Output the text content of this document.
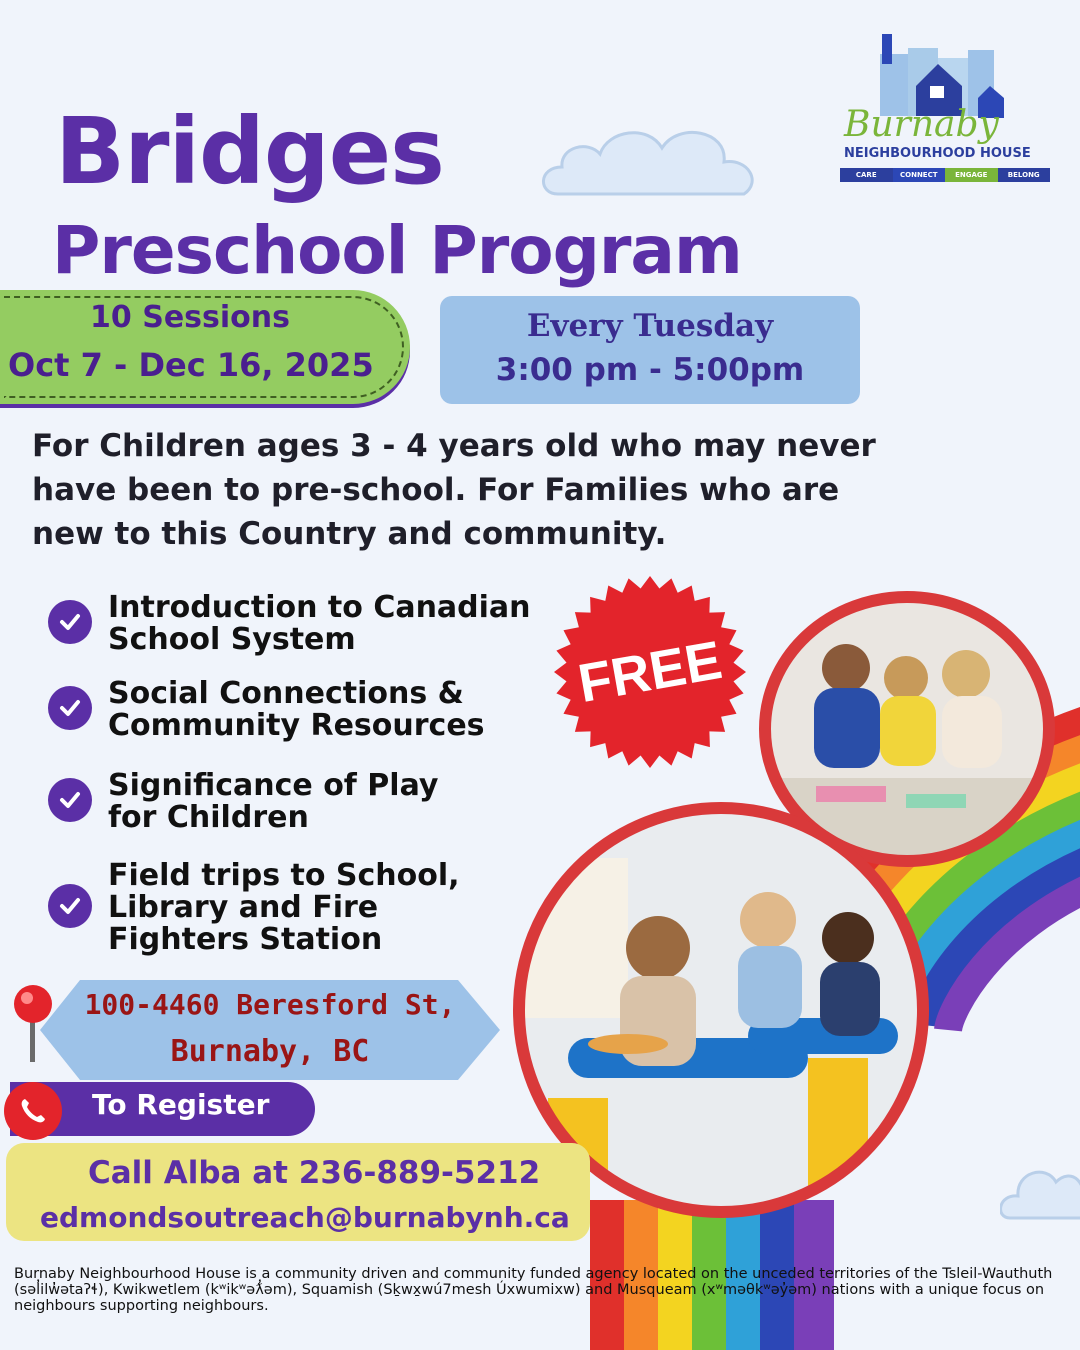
Burnaby
NEIGHBOURHOOD HOUSE
CARE	CONNECT	ENGAGE	BELONG
Bridges
Preschool Program
10 Sessions
Oct 7 - Dec 16, 2025
Every Tuesday
3:00 pm - 5:00pm
For Children ages 3 - 4 years old who may never have been to pre-school. For Families who are new to this Country and community.
Introduction to Canadian
School System
Social Connections &
Community Resources
Significance of Play
for Children
Field trips to School,
Library and Fire
Fighters Station
FREE
100-4460 Beresford St,
Burnaby, BC
To Register
Call Alba at 236-889-5212
edmondsoutreach@burnabynh.ca
Burnaby Neighbourhood House is a community driven and community funded agency located on the unceded territories of the Tsleil-Wauthuth (səl̓ilw̓ətaʔɬ), Kwikwetlem (kʷikʷəƛ̓əm), Squamish (Sḵwx̱wú7mesh Úxwumixw) and Musqueam (xʷməθkʷəy̓əm) nations with a unique focus on neighbours supporting neighbours.
